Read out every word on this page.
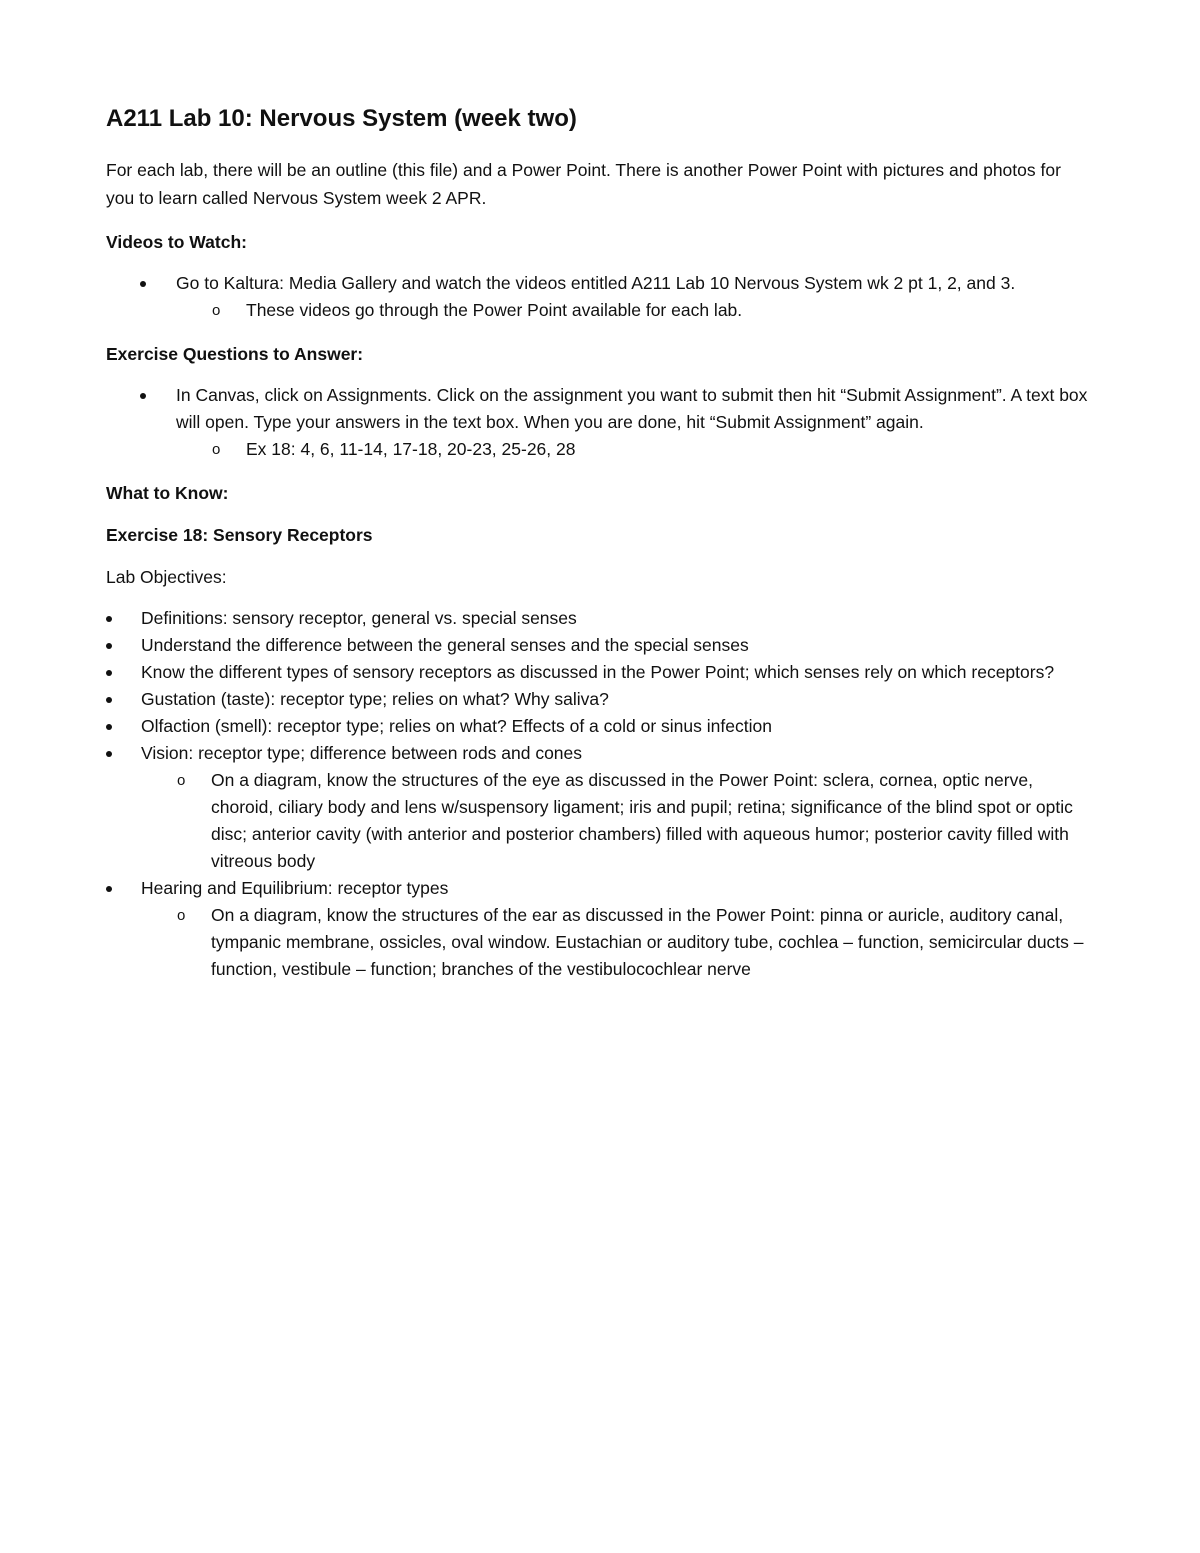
A211 Lab 10: Nervous System (week two)

For each lab, there will be an outline (this file) and a Power Point. There is another Power Point with pictures and photos for you to learn called Nervous System week 2 APR.

Videos to Watch:

Go to Kaltura: Media Gallery and watch the videos entitled A211 Lab 10 Nervous System wk 2 pt 1, 2, and 3.
o These videos go through the Power Point available for each lab.

Exercise Questions to Answer:

In Canvas, click on Assignments. Click on the assignment you want to submit then hit “Submit Assignment”. A text box will open. Type your answers in the text box. When you are done, hit “Submit Assignment” again.
o Ex 18: 4, 6, 11-14, 17-18, 20-23, 25-26, 28

What to Know:

Exercise 18: Sensory Receptors

Lab Objectives:

Definitions: sensory receptor, general vs. special senses
Understand the difference between the general senses and the special senses
Know the different types of sensory receptors as discussed in the Power Point; which senses rely on which receptors?
Gustation (taste): receptor type; relies on what? Why saliva?
Olfaction (smell): receptor type; relies on what? Effects of a cold or sinus infection
Vision: receptor type; difference between rods and cones
o On a diagram, know the structures of the eye as discussed in the Power Point: sclera, cornea, optic nerve, choroid, ciliary body and lens w/suspensory ligament; iris and pupil; retina; significance of the blind spot or optic disc; anterior cavity (with anterior and posterior chambers) filled with aqueous humor; posterior cavity filled with vitreous body
Hearing and Equilibrium: receptor types
o On a diagram, know the structures of the ear as discussed in the Power Point: pinna or auricle, auditory canal, tympanic membrane, ossicles, oval window. Eustachian or auditory tube, cochlea – function, semicircular ducts – function, vestibule – function; branches of the vestibulocochlear nerve
